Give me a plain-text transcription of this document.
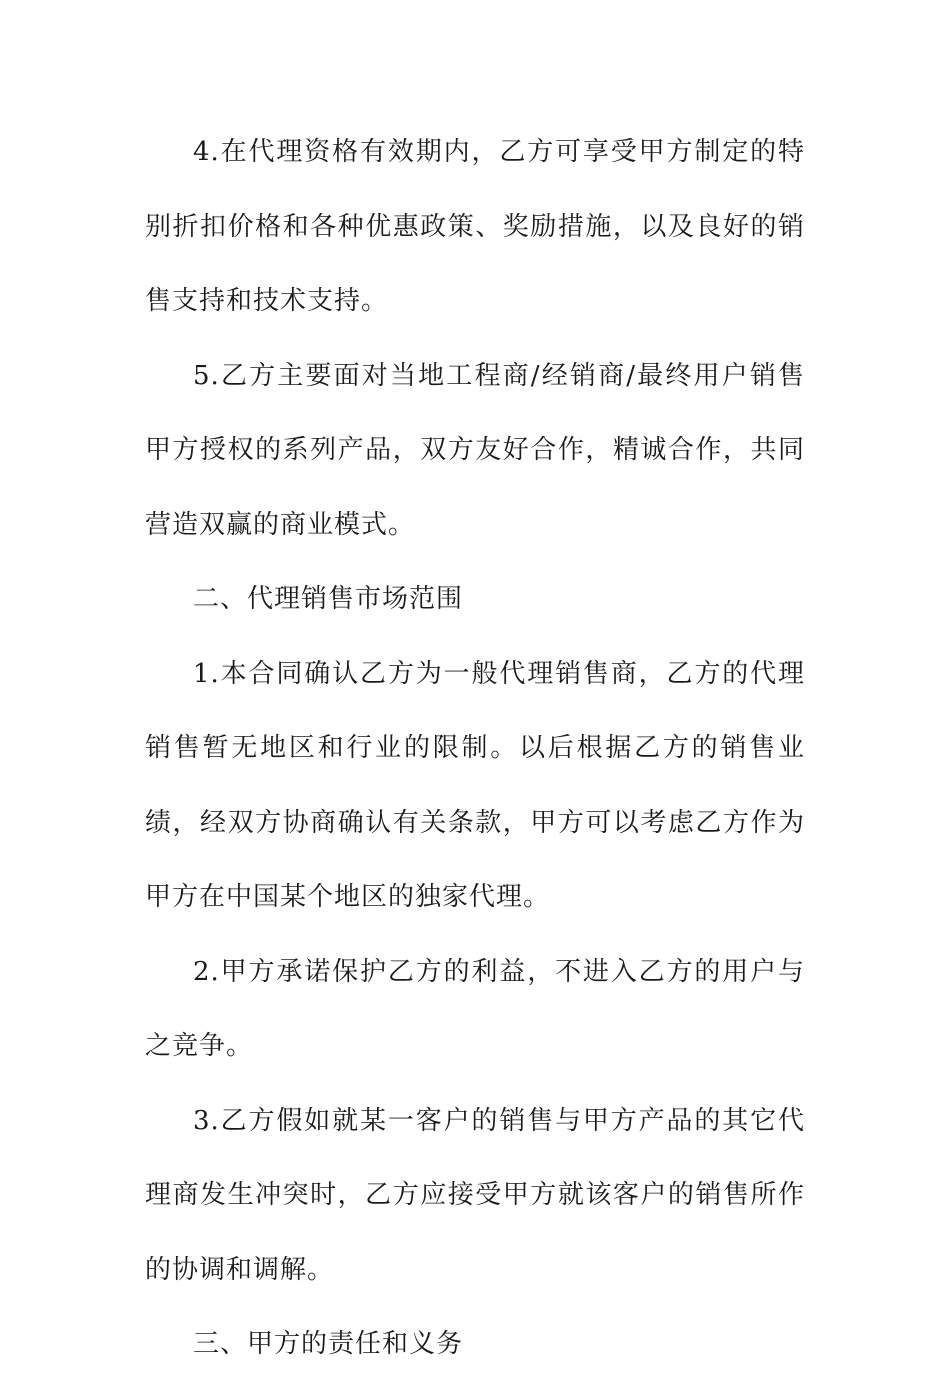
4.在代理资格有效期内，乙方可享受甲方制定的特别折扣价格和各种优惠政策、奖励措施，以及良好的销售支持和技术支持。

5.乙方主要面对当地工程商/经销商/最终用户销售甲方授权的系列产品，双方友好合作，精诚合作，共同营造双赢的商业模式。

二、代理销售市场范围

1.本合同确认乙方为一般代理销售商，乙方的代理销售暂无地区和行业的限制。以后根据乙方的销售业绩，经双方协商确认有关条款，甲方可以考虑乙方作为甲方在中国某个地区的独家代理。

2.甲方承诺保护乙方的利益，不进入乙方的用户与之竞争。

3.乙方假如就某一客户的销售与甲方产品的其它代理商发生冲突时，乙方应接受甲方就该客户的销售所作的协调和调解。

三、甲方的责任和义务
